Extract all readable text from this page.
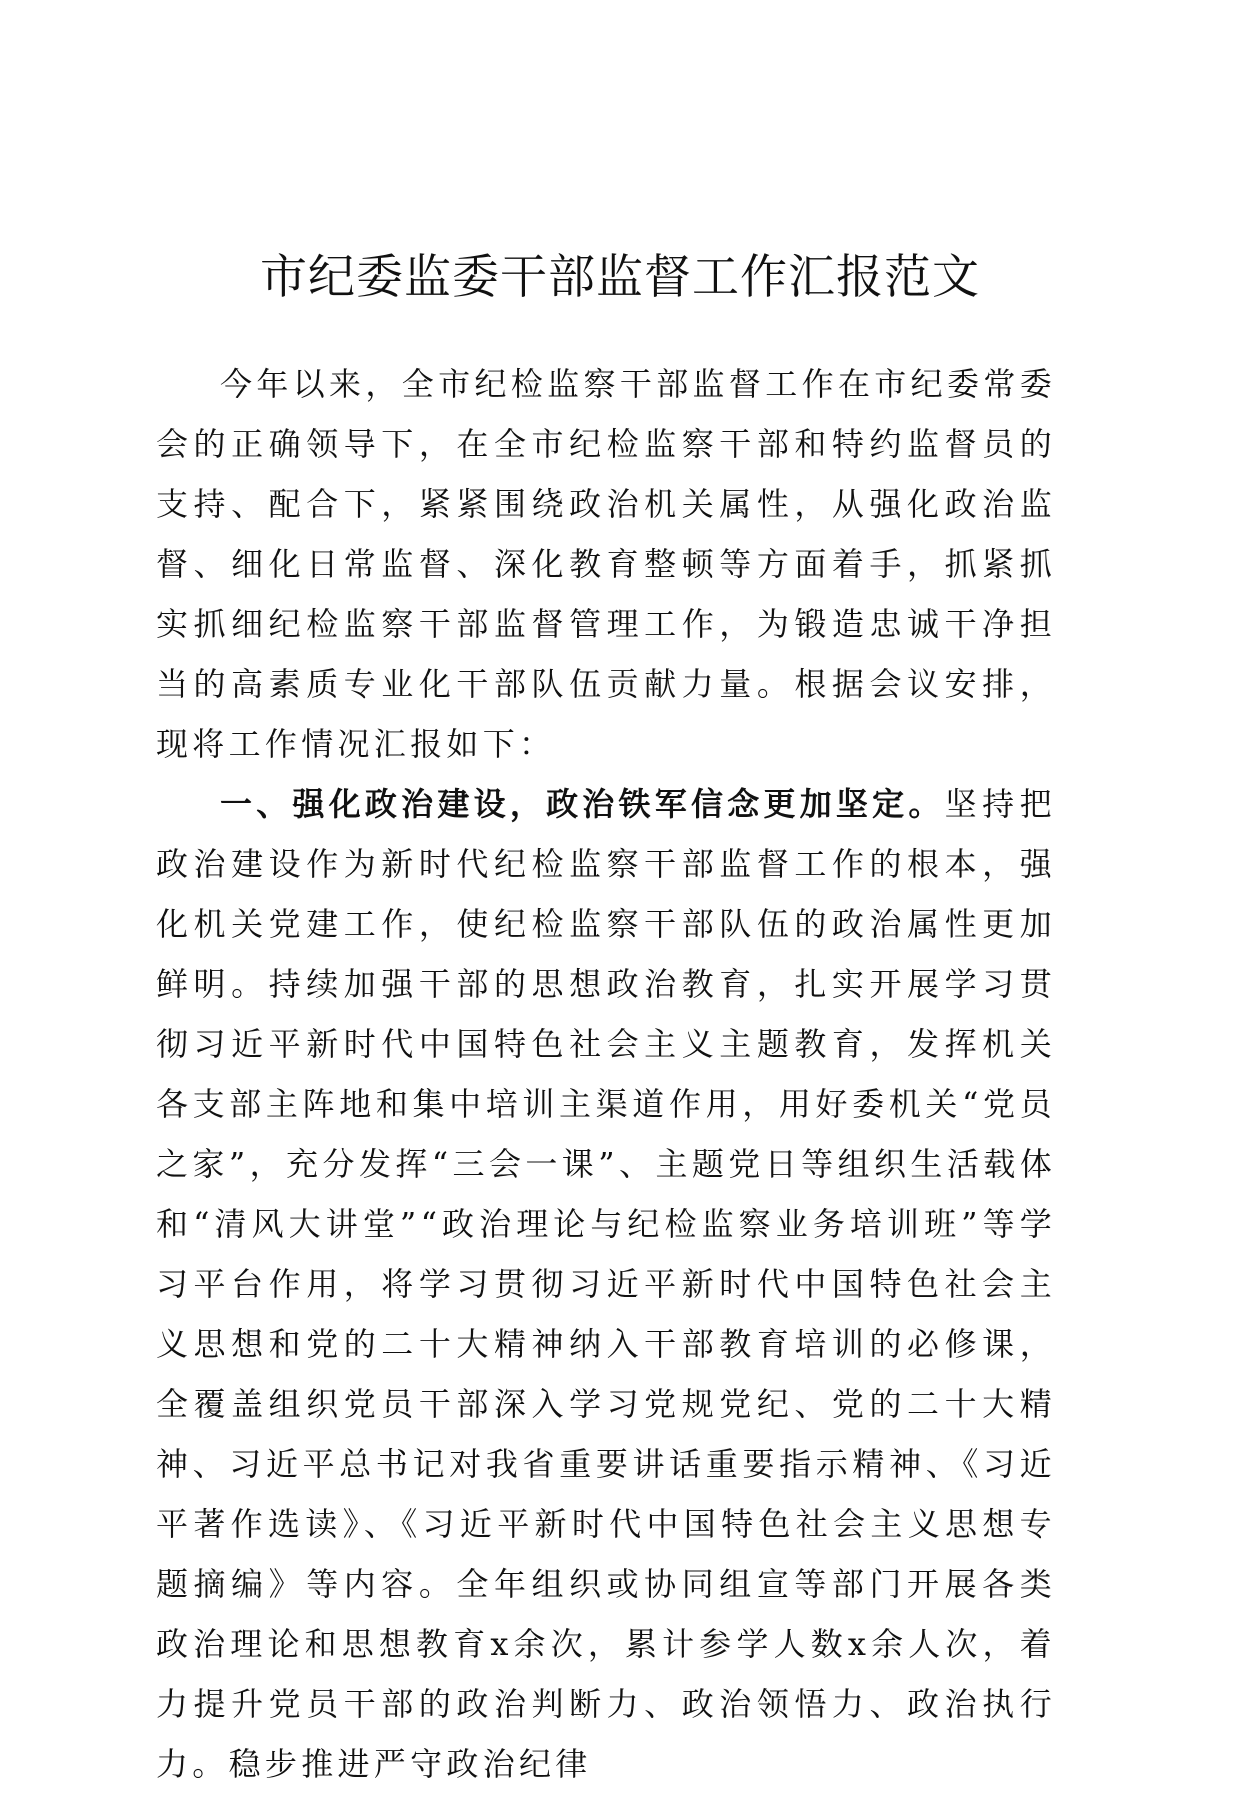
市纪委监委干部监督工作汇报范文

今年以来，全市纪检监察干部监督工作在市纪委常委会的正确领导下，在全市纪检监察干部和特约监督员的支持、配合下，紧紧围绕政治机关属性，从强化政治监督、细化日常监督、深化教育整顿等方面着手，抓紧抓实抓细纪检监察干部监督管理工作，为锻造忠诚干净担当的高素质专业化干部队伍贡献力量。根据会议安排，现将工作情况汇报如下：

一、强化政治建设，政治铁军信念更加坚定。坚持把政治建设作为新时代纪检监察干部监督工作的根本，强化机关党建工作，使纪检监察干部队伍的政治属性更加鲜明。持续加强干部的思想政治教育，扎实开展学习贯彻习近平新时代中国特色社会主义主题教育，发挥机关各支部主阵地和集中培训主渠道作用，用好委机关“党员之家”，充分发挥“三会一课”、主题党日等组织生活载体和“清风大讲堂”“政治理论与纪检监察业务培训班”等学习平台作用，将学习贯彻习近平新时代中国特色社会主义思想和党的二十大精神纳入干部教育培训的必修课，全覆盖组织党员干部深入学习党规党纪、党的二十大精神、习近平总书记对我省重要讲话重要指示精神、《习近平著作选读》、《习近平新时代中国特色社会主义思想专题摘编》等内容。全年组织或协同组宣等部门开展各类政治理论和思想教育x余次，累计参学人数x余人次，着力提升党员干部的政治判断力、政治领悟力、政治执行力。稳步推进严守政治纪律
